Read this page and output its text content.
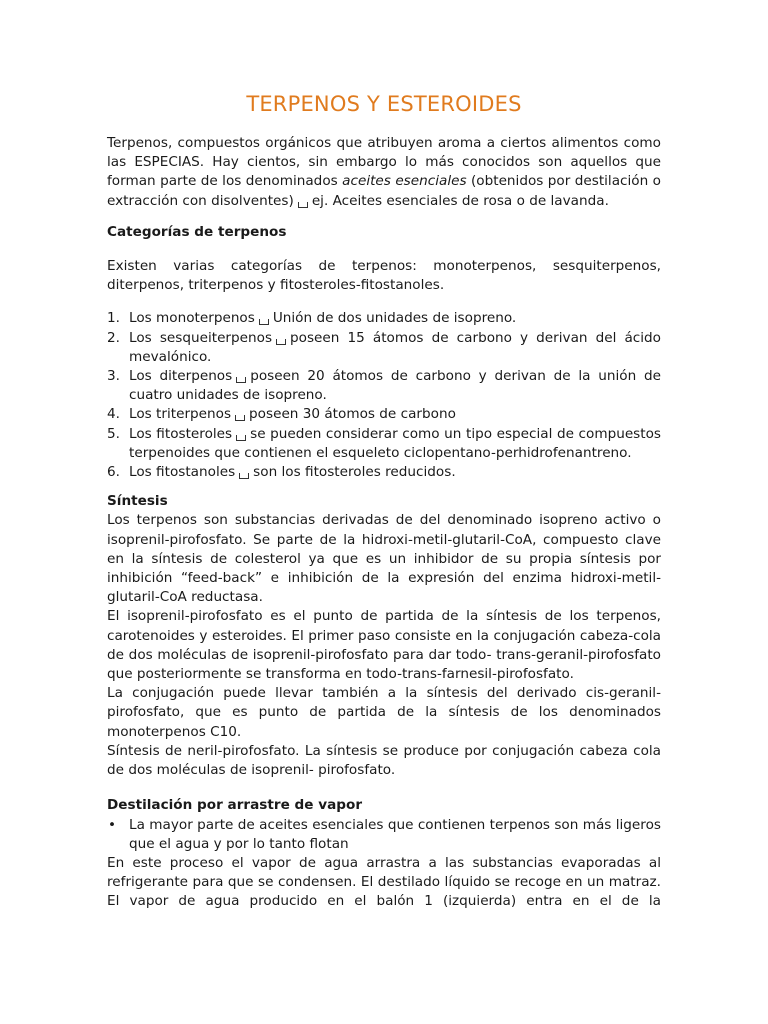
TERPENOS Y ESTEROIDES

Terpenos, compuestos orgánicos que atribuyen aroma a ciertos alimentos como las ESPECIAS. Hay cientos, sin embargo lo más conocidos son aquellos que forman parte de los denominados aceites esenciales (obtenidos por destilación o extracción con disolventes) ej. Aceites esenciales de rosa o de lavanda.

Categorías de terpenos

Existen varias categorías de terpenos: monoterpenos, sesquiterpenos, diterpenos, triterpenos y fitosteroles-fitostanoles.

1. Los monoterpenos Unión de dos unidades de isopreno.
2. Los sesqueiterpenos poseen 15 átomos de carbono y derivan del ácido mevalónico.
3. Los diterpenos poseen 20 átomos de carbono y derivan de la unión de cuatro unidades de isopreno.
4. Los triterpenos poseen 30 átomos de carbono
5. Los fitosteroles se pueden considerar como un tipo especial de compuestos terpenoides que contienen el esqueleto ciclopentano-perhidrofenantreno.
6. Los fitostanoles son los fitosteroles reducidos.
Síntesis

Los terpenos son substancias derivadas de del denominado isopreno activo o isoprenil-pirofosfato. Se parte de la hidroxi-metil-glutaril-CoA, compuesto clave en la síntesis de colesterol ya que es un inhibidor de su propia síntesis por inhibición “feed-back” e inhibición de la expresión del enzima hidroxi-metil-glutaril-CoA reductasa.

El isoprenil-pirofosfato es el punto de partida de la síntesis de los terpenos, carotenoides y esteroides. El primer paso consiste en la conjugación cabeza-cola de dos moléculas de isoprenil-pirofosfato para dar todo- trans-geranil-pirofosfato que posteriormente se transforma en todo-trans-farnesil-pirofosfato.

La conjugación puede llevar también a la síntesis del derivado cis-geranil-pirofosfato, que es punto de partida de la síntesis de los denominados monoterpenos C10.

Síntesis de neril-pirofosfato. La síntesis se produce por conjugación cabeza cola de dos moléculas de isoprenil- pirofosfato.

Destilación por arrastre de vapor
• La mayor parte de aceites esenciales que contienen terpenos son más ligeros que el agua y por lo tanto flotan

En este proceso el vapor de agua arrastra a las substancias evaporadas al refrigerante para que se condensen. El destilado líquido se recoge en un matraz. El vapor de agua producido en el balón 1 (izquierda) entra en el de la
